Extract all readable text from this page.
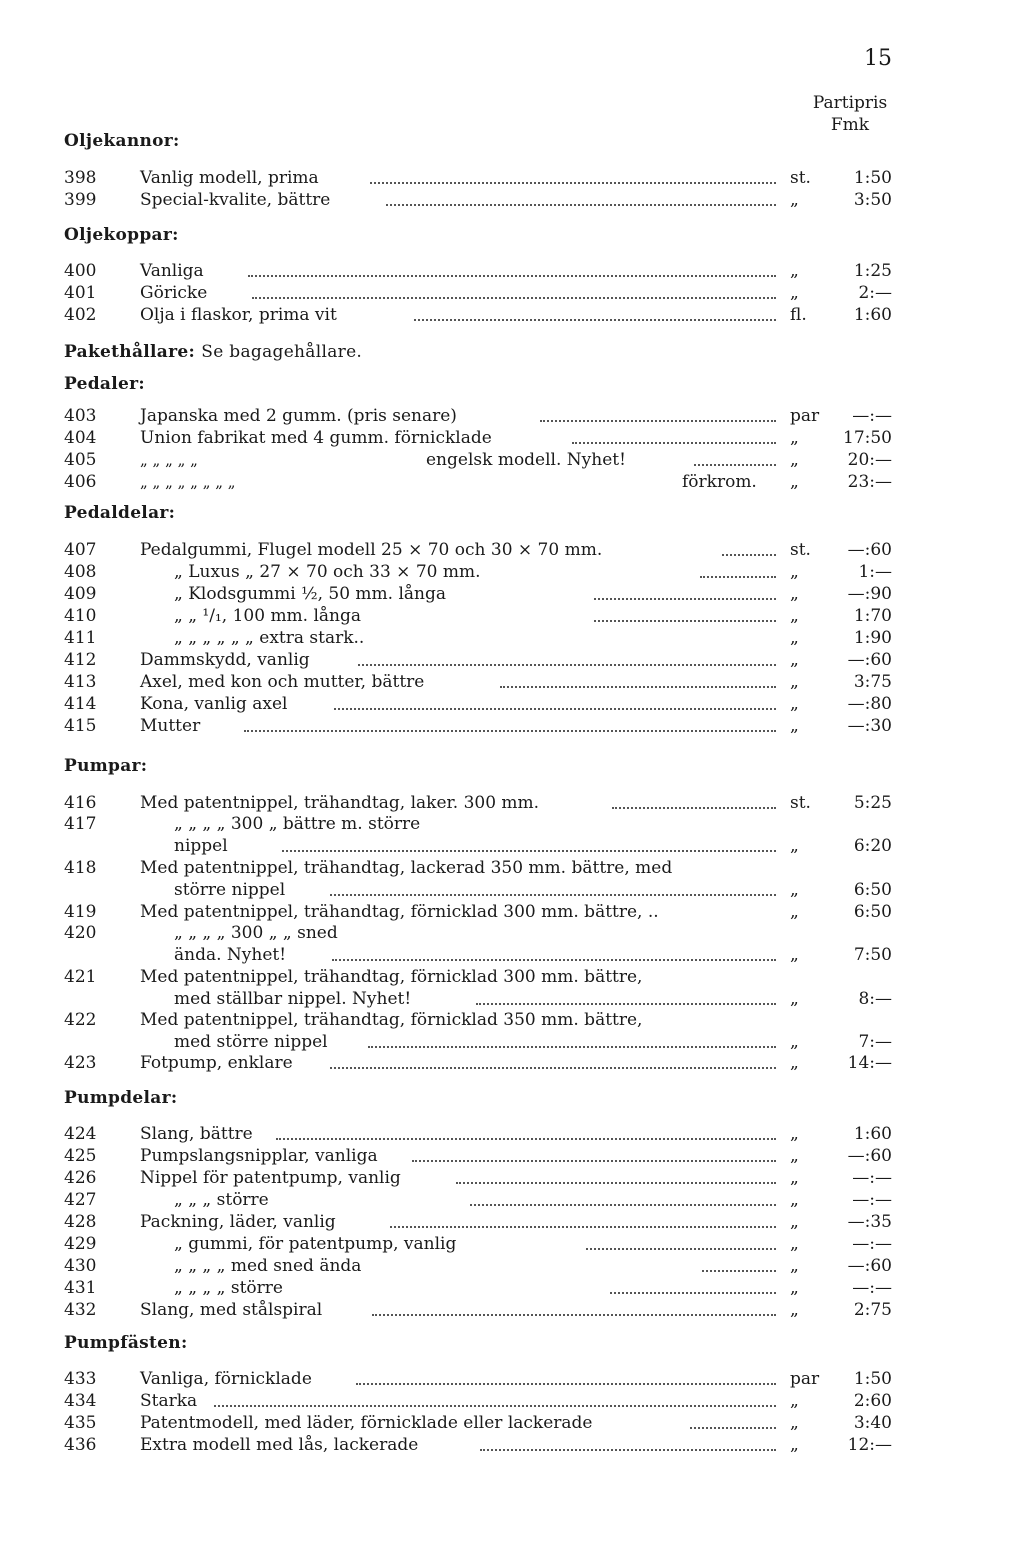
15
Partipris
Fmk
Oljekannor:
398	Vanlig modell, prima	st.	1:50
399	Special-kvalite, bättre	„	3:50
Oljekoppar:
400	Vanliga	„	1:25
401	Göricke	„	2:—
402	Olja i flaskor, prima vit	fl.	1:60
Pakethållare: Se bagagehållare.
Pedaler:
403	Japanska med 2 gumm. (pris senare)	par —:—
404	Union fabrikat med 4 gumm. förnicklade	„	17:50
405	„ „ „ „ „	engelsk modell. Nyhet!	„	20:—
406	„ „ „ „ „ „ „ „	förkrom. „	23:—
Pedaldelar:
407	Pedalgummi, Flugel modell 25 × 70 och 30 × 70 mm.	st. —:60
408	„ Luxus „ 27 × 70 och 33 × 70 mm.	„	1:—
409	„ Klodsgummi ½, 50 mm. långa	„	—:90
410	„ „ ¹/₁, 100 mm. långa	„	1:70
411	„ „ „ „ „ „ extra stark..	„	1:90
412	Dammskydd, vanlig	„	—:60
413	Axel, med kon och mutter, bättre	„	3:75
414	Kona, vanlig axel	„	—:80
415	Mutter	„	—:30
Pumpar:
416	Med patentnippel, trähandtag, laker. 300 mm.	st.	5:25
417	„ „ „ „ 300 „ bättre m. större
nippel	„	6:20
418	Med patentnippel, trähandtag, lackerad 350 mm. bättre, med
större nippel	„	6:50
419	Med patentnippel, trähandtag, förnicklad 300 mm. bättre, ..	„	6:50
420	„ „ „ „ 300 „ „ sned
ända. Nyhet!	„	7:50
421	Med patentnippel, trähandtag, förnicklad 300 mm. bättre,
med ställbar nippel. Nyhet!	„	8:—
422	Med patentnippel, trähandtag, förnicklad 350 mm. bättre,
med större nippel	„	7:—
423	Fotpump, enklare	„	14:—
Pumpdelar:
424	Slang, bättre	„	1:60
425	Pumpslangsnipplar, vanliga	„	—:60
426	Nippel för patentpump, vanlig	„	—:—
427	„ „ „ större	„	—:—
428	Packning, läder, vanlig	„	—:35
429	„ gummi, för patentpump, vanlig	„	—:—
430	„ „ „ „ med sned ända	„	—:60
431	„ „ „ „ större	„	—:—
432	Slang, med stålspiral	„	2:75
Pumpfästen:
433	Vanliga, förnicklade	par 1:50
434	Starka	„	2:60
435	Patentmodell, med läder, förnicklade eller lackerade	„	3:40
436	Extra modell med lås, lackerade	„	12:—
